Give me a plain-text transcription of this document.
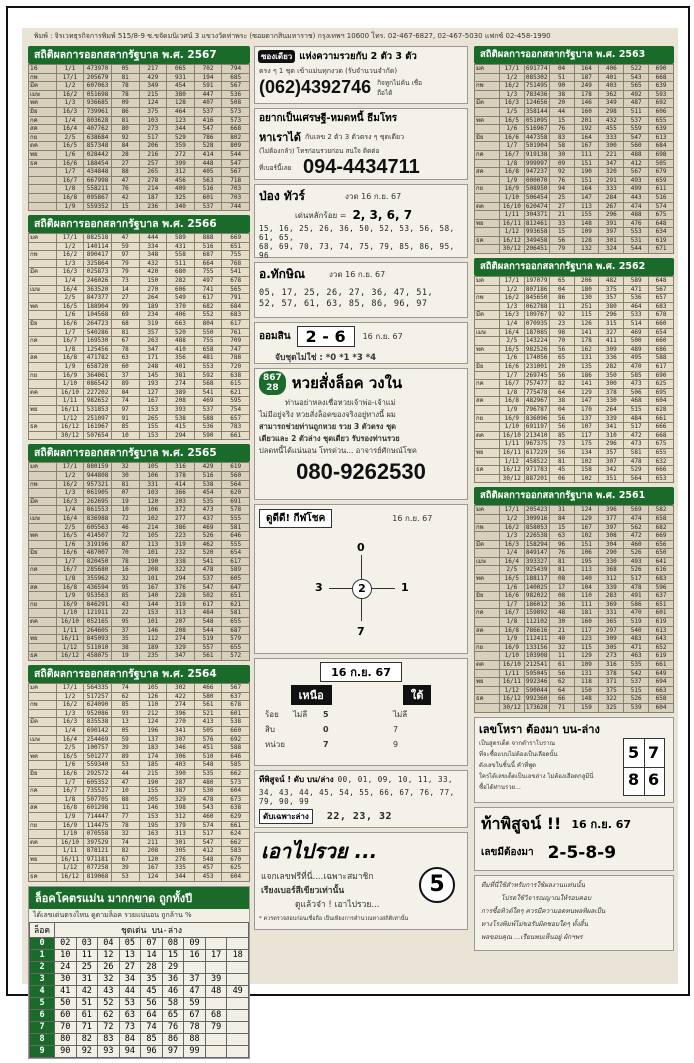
พิมพ์ : จิรเวทธุรกิจการพิมพ์ 515/8-9 ซ.ขจัดมนิเวศน์ 3 แขวงวัดท่าพระ (ซอยตากสินมหาราช) กรุงเทพฯ 10600 โทร. 02-467-6827, 02-467-5030 แฟกซ์ 02-458-1990
สถิติผลการออกสลากรัฐบาล พ.ศ. 2567
16	1/1	473970	05	217	065	702	794
กพ	17/1	205679	81	429	931	194	685
มีค	1/2	607063	78	349	454	591	567
เมษ	16/2	051698	78	215	380	447	536
พค	1/3	936685	09	124	128	407	508
มิย	16/3	739961	86	375	464	537	573
กค	1/4	803628	81	103	123	416	573
สค	16/4	407762	80	273	344	547	668
กย	2/5	638684	92	517	529	786	802
ตค	16/5	857348	84	206	359	528	809
พย	1/6	028442	28	216	272	414	544
ธค	16/6	188454	27	257	399	448	547
	1/7	434848	88	265	312	405	567
	16/7	667998	47	278	456	563	718
	1/8	558211	76	214	409	516	703
	16/8	095867	42	187	325	601	703
	1/9	559352	15	236	340	537	744
สถิติผลการออกสลากรัฐบาล พ.ศ. 2566
มค	17/1	882518	47	444	589	888	669
	1/2	140114	59	334	431	516	651
กพ	16/2	890417	97	348	558	687	755
	1/3	325864	79	432	511	664	768
มีค	16/3	025873	79	420	680	755	541
	1/4	246026	73	150	282	497	678
เมษ	16/4	363520	14	270	606	741	565
	2/5	847377	27	264	549	617	791
พค	16/5	188904	99	189	370	682	684
	1/6	104568	69	234	406	552	683
มิย	16/6	264723	68	319	663	804	617
	1/7	540286	81	357	520	550	761
กค	16/7	169530	67	263	488	755	709
	1/8	125456	78	347	410	658	747
สค	16/8	471782	63	171	356	481	788
	1/9	658720	60	248	401	553	720
กย	16/9	364061	37	145	381	592	638
	1/10	086542	89	193	274	568	615
ตค	16/10	227202	84	127	389	541	621
	1/11	982652	74	167	208	469	595
พย	16/11	531853	97	153	393	537	754
	1/12	251097	91	265	538	588	657
ธค	16/12	161967	85	155	415	536	783
	30/12	507654	10	153	294	590	661
สถิติผลการออกสลากรัฐบาล พ.ศ. 2565
มค	17/1	880159	32	105	316	429	619
	1/2	944808	30	106	378	516	560
กพ	16/2	957321	81	331	414	538	564
	1/3	061905	07	103	366	454	620
มีค	16/3	262695	19	120	203	535	691
	1/4	861553	10	106	372	473	578
เมษ	16/4	836988	72	102	277	437	555
	2/5	605563	46	214	386	469	581
พค	16/5	414507	72	105	223	526	646
	1/6	319196	87	113	319	462	555
มิย	16/6	487007	70	101	232	520	654
	1/7	820450	78	190	338	541	617
กค	16/7	285680	16	208	322	478	589
	1/8	355962	32	101	294	537	605
สค	16/8	436594	95	167	376	547	647
	1/9	953563	85	140	228	502	651
กย	16/9	846291	43	144	319	617	621
	1/10	121911	22	153	313	484	581
ตค	16/10	052165	95	101	207	548	655
	1/11	264605	37	146	208	544	687
พย	16/11	845093	35	112	274	519	579
	1/12	511010	38	189	329	557	655
ธค	16/12	458075	19	235	347	561	572
สถิติผลการออกสลากรัฐบาล พ.ศ. 2564
มค	17/1	564335	74	105	302	466	567
	1/2	517257	62	126	422	580	637
กพ	16/2	624090	85	110	274	561	678
	1/3	952086	93	212	396	521	601
มีค	16/3	835538	13	124	270	413	538
	1/4	690142	05	196	341	505	660
เมษ	16/4	254469	59	137	307	576	692
	2/5	100757	39	183	346	451	588
พค	16/5	501277	89	174	306	510	646
	1/6	559340	53	185	403	548	585
มิย	16/6	292572	44	215	390	535	662
	1/7	605352	47	190	287	480	573
กค	16/7	735527	10	155	387	530	604
	1/8	507705	88	205	329	478	673
สค	16/8	601298	11	146	398	543	638
	1/9	714447	77	153	312	460	629
กย	16/9	114475	78	195	379	574	661
	1/10	070558	32	163	313	517	624
ตค	16/10	397529	74	211	301	547	662
	1/11	878121	82	208	305	412	583
พย	16/11	971181	67	120	276	548	670
	1/12	077258	39	167	335	457	625
ธค	16/12	819068	53	124	344	453	604
ล็อคโคตรแม่น มากกขาด ถูกทั้งปี
ได้เลขเด่นตรงไหน ดูตามล็อค รวยแน่นอน ถูกล้าน %
ล็อค	ชุดเด่น บน-ล่าง								
0	02	03	04	05	07	08	09		
1	10	11	12	13	14	15	16	17	18
2	24	25	26	27	28	29			
3	30	31	32	34	35	36	37	39	
4	41	42	43	44	45	46	47	48	49
5	50	51	52	53	56	58	59		
6	60	61	62	63	64	65	67	68	
7	70	71	72	73	74	76	78	79	
8	80	82	83	84	85	86	88		
9	90	92	93	94	96	97	99		
ซองเดียว แห่งความรวยกับ 2 ตัว 3 ตัว
ตรง ๆ 1 ชุด เข้าแม่นทุกงวด (รับจำนวนจำกัด)
(062)4392746 กิจทูกไม่ค้น เชื่อถือได้
อยากเป็นเศรษฐี-หมดหนี้ ธีมโทร
หาเราได้ กับเลข 2 ตัว 3 ตัวตรง ๆ ชุดเดียว
(ไม่ต้องกลัว) โทรก่อนรวยก่อน สนใจ ติดต่อ
ที่เบอร์นี้เลย 094-4434711
ป่อง ทัวร์	งวด 16 ก.ย. 67
เด่นหลักร้อย = 2, 3, 6, 7
15, 16, 25, 26, 36, 50, 52, 53, 56, 58, 61, 65,
68, 69, 70, 73, 74, 75, 79, 85, 86, 95, 96
อ.ทักษิณ	งวด 16 ก.ย. 67
05, 17, 25, 26, 27, 36, 47, 51,
52, 57, 61, 63, 85, 86, 96, 97
ออมสิน 2 - 6	16 ก.ย. 67
จับชุดไม่ใช่ : *0 *1 *3 *4
867
28 หวยสั่งล็อค วงใน
ท่านอย่าหลงเชื่อหวยเจ้าพ่อ-เจ้าแม่
ไม่มีอยู่จริง หวยสั่งล็อคของจริงอยู่ทางนี้ ผม
สามารถช่วยท่านถูกหวย รวย 3 ตัวตรง ชุด
เดียวและ 2 ตัวล่าง ชุดเดียว รับรองท่านรวย
ปลดหนี้ได้แน่นอน โทรด่วน... อาจารย์ศักษณ์โชค
080-9262530
ดูดีดี! กีฬโชค	16 ก.ย. 67
0
3	1
7
2
16 ก.ย. 67
เหนือ	ใต้
ร้อย	ไม่ลี	5	ไม่ลี
สิบ	0	7
หน่วย	7	9
ทีพิสูจน์ ! ดับ บน/ล่าง 00, 01, 09, 10, 11, 33,
34, 43, 44, 45, 54, 55, 66, 67, 76, 77, 79, 90, 99
ดับเฉพาะล่าง	22, 23, 32
เอาไปรวย ...
แจกเลขฟรีที่นี่....เฉพาะสมาชิก
เรียงเบอร์สีเขียวเท่านั้น
ดูแล้วจ๋า ! เอาไปรวย...
5
* ควรตรวจสอบก่อนเชื่อถือ เป็นเพียงการคำนวณทางสถิติเท่านั้น
สถิติผลการออกสลากรัฐบาล พ.ศ. 2563
มค	17/1	691774	04	164	406	522	690
	1/2	085302	51	187	401	543	668
กพ	16/2	751495	90	249	403	565	639
	1/3	783436	38	178	362	492	593
มีค	16/3	124656	20	146	349	487	692
	1/5	358144	44	160	298	511	606
พค	16/5	051095	15	201	432	537	655
	1/6	516967	76	192	455	559	639
มิย	16/6	447358	83	164	333	547	613
	1/7	501904	58	167	300	560	684
กค	16/7	919138	30	111	221	488	698
	1/8	999997	09	151	347	412	505
สค	16/8	947237	92	190	320	567	679
	1/9	000070	76	151	291	493	659
กย	16/9	508950	94	164	333	499	611
	1/10	506454	25	147	284	443	516
ตค	16/10	620474	27	113	267	474	574
	1/11	304371	21	155	296	488	675
พย	16/11	812461	33	148	391	476	648
	1/12	993658	15	109	397	553	634
ธค	16/12	349458	56	128	301	531	619
	30/12	206451	79	132	324	544	671
สถิติผลการออกสลากรัฐบาล พ.ศ. 2562
มค	17/1	197079	65	206	482	589	648
	1/2	807186	04	180	375	471	567
กพ	16/2	845650	86	130	357	536	657
	1/3	062788	11	251	380	464	683
มีค	16/3	109767	92	115	296	533	678
	1/4	070935	23	126	315	514	660
เมษ	16/4	187085	98	141	327	469	654
	2/5	143224	70	178	411	500	660
พค	16/5	982526	56	162	309	489	686
	1/6	174056	65	131	336	495	588
มิย	16/6	231001	20	135	282	470	617
	1/7	269745	56	186	350	585	690
กค	16/7	757477	82	141	300	473	625
	1/8	775478	64	129	378	506	695
สค	16/8	482967	38	147	330	468	604
	1/9	796787	04	170	264	515	628
กย	16/9	836096	56	137	339	484	661
	1/10	691197	56	107	341	517	666
ตค	16/10	213410	85	117	310	472	668
	1/11	967375	73	175	296	473	675
พย	16/11	617229	56	134	357	581	655
	1/12	458522	81	102	307	478	632
ธค	16/12	971783	45	158	342	529	666
	30/12	887201	06	102	351	564	653
สถิติผลการออกสลากรัฐบาล พ.ศ. 2561
มค	17/1	205423	31	124	396	569	582
	1/2	309916	84	129	377	474	658
กพ	16/2	858053	15	167	397	562	682
	1/3	226538	63	102	308	472	669
มีค	16/3	158294	96	151	304	460	656
	1/4	849147	76	106	290	526	650
เมษ	16/4	393327	81	195	330	493	641
	2/5	925439	81	113	368	526	616
พค	16/5	188117	08	140	312	517	683
	1/6	140025	17	104	339	478	596
มิย	16/6	982022	08	110	283	491	637
	1/7	186012	36	111	369	586	651
กค	16/7	159892	48	181	331	470	601
	1/8	112102	30	160	365	519	619
สค	16/8	786616	21	117	297	540	613
	1/9	112411	40	123	309	483	643
กย	16/9	133156	32	115	305	471	652
	1/10	103908	11	129	273	463	619
ตค	16/10	212541	61	109	316	535	661
	1/11	595045	56	131	378	542	649
พย	16/11	992346	62	118	371	537	694
	1/12	590044	64	150	375	515	663
ธค	16/12	992360	66	148	322	526	658
	30/12	173628	71	159	325	539	604
เลขโหรา ต้องมา บน-ล่าง
เป็นสูตรเด็ด จากตำราโบราณ
ที่จะซื้อแบบไม่ต้องเป็นเลือดนั้น
ดังเลขในชิ้นนี้ คำที่พูด
ใครได้เลขเด็ดเป็นเลขล่าง ไม่ต้องเลือดกลูมีนี่
ซื้อได้ท่านรวย...
5 7
8 6
ท้าพิสูจน์ !! 16 ก.ย. 67
เลขมีต้องมา 2-5-8-9
ทีมที่นี่ใช้สำหรับการใช้ผลงานแท่นนั้น
โปรดใช้วิจารณญาณให้รอบคอบ
การซื้อทิวต์ใดๆ ควรมีความอดทนพลทิผลเป็น
ทางโรงพิมพ์ไม่ขอรับผิดชอบใดๆ ทั้งสิ้น
พลขอบคุณ ...เรียนพบเห็นอยู่ ผักฯพร
